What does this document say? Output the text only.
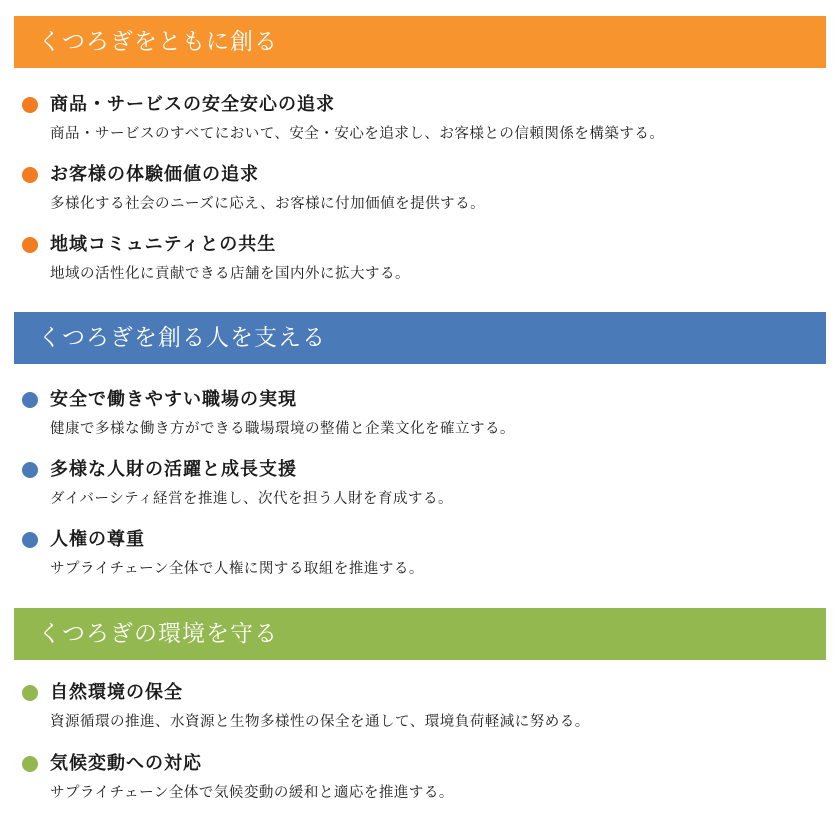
くつろぎをともに創る
商品・サービスの安全安心の追求
商品・サービスのすべてにおいて、安全・安心を追求し、お客様との信頼関係を構築する。
お客様の体験価値の追求
多様化する社会のニーズに応え、お客様に付加価値を提供する。
地域コミュニティとの共生
地域の活性化に貢献できる店舗を国内外に拡大する。
くつろぎを創る人を支える
安全で働きやすい職場の実現
健康で多様な働き方ができる職場環境の整備と企業文化を確立する。
多様な人財の活躍と成長支援
ダイバーシティ経営を推進し、次代を担う人財を育成する。
人権の尊重
サプライチェーン全体で人権に関する取組を推進する。
くつろぎの環境を守る
自然環境の保全
資源循環の推進、水資源と生物多様性の保全を通して、環境負荷軽減に努める。
気候変動への対応
サプライチェーン全体で気候変動の緩和と適応を推進する。
